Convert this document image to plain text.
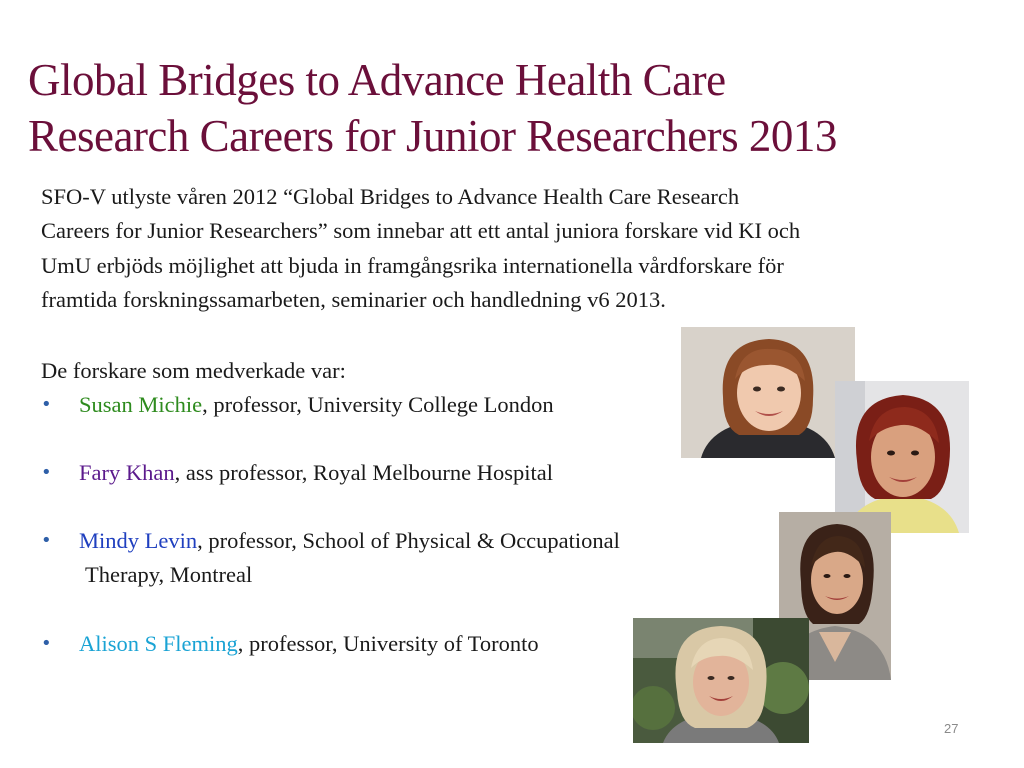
Global Bridges to Advance Health Care
Research Careers for Junior Researchers 2013
SFO-V utlyste våren 2012 “Global Bridges to Advance Health Care Research
Careers for Junior Researchers” som innebar att ett antal juniora forskare vid KI och
UmU erbjöds möjlighet att bjuda in framgångsrika internationella vårdforskare för
framtida forskningssamarbeten, seminarier och handledning v6 2013.
De forskare som medverkade var:
• Susan Michie, professor, University College London
• Fary Khan, ass professor, Royal Melbourne Hospital
• Mindy Levin, professor, School of Physical & Occupational
Therapy, Montreal
• Alison S Fleming, professor, University of Toronto
27
